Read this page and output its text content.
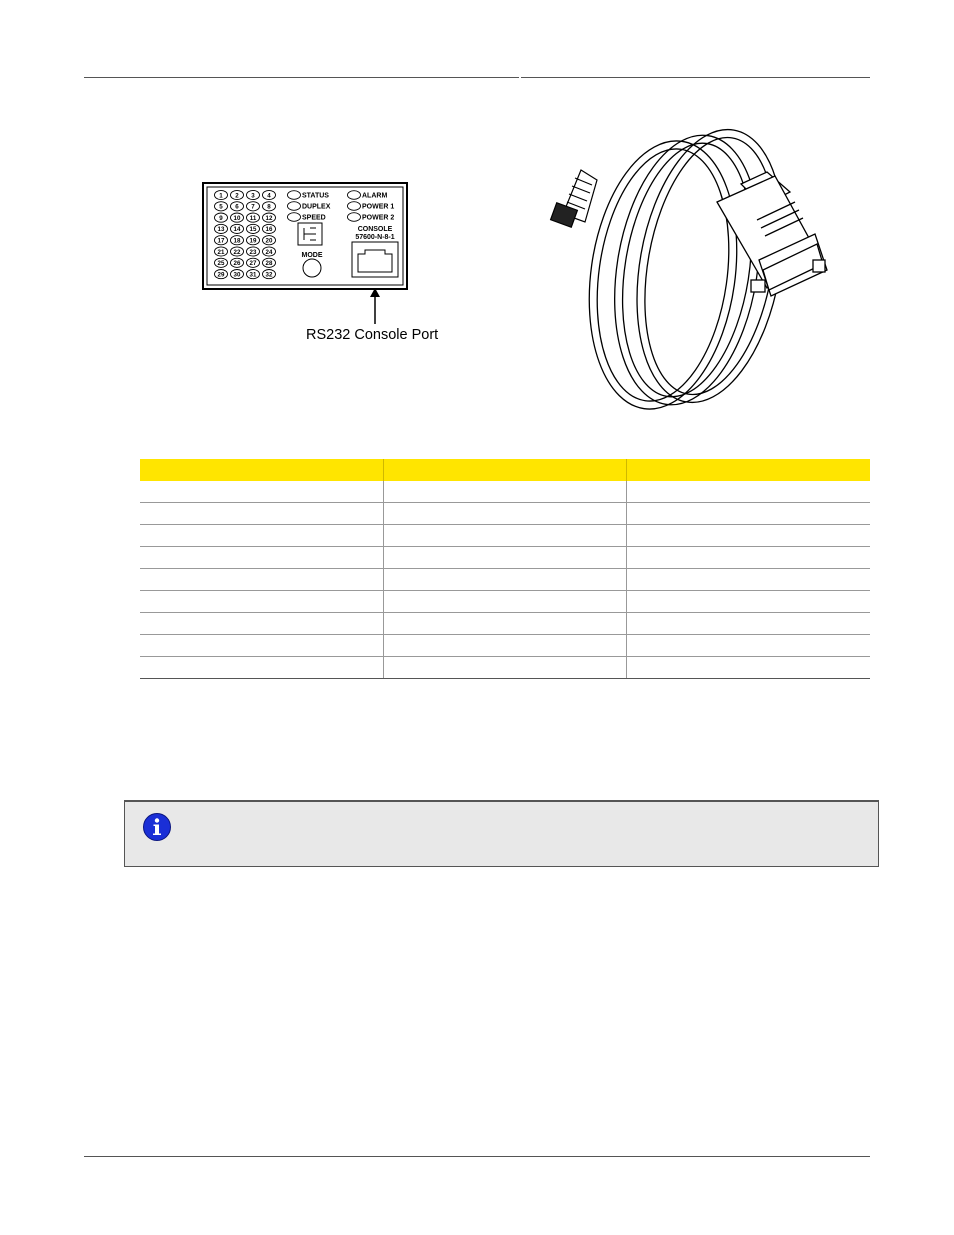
1 2 3 4
5 6 7 8
9 10 11 12
13 14 15 16
17 18 19 20
21 22 23 24
25 26 27 28
29 30 31 32
STATUS
DUPLEX
SPEED
ALARM
POWER 1
POWER 2
MODE
CONSOLE
57600-N-8-1
RS232 Console Port
